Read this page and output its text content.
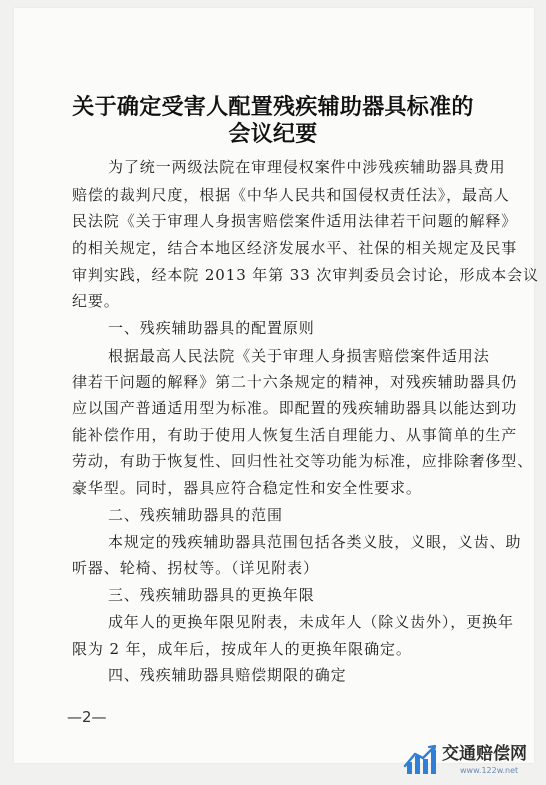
关于确定受害人配置残疾辅助器具标准的
会议纪要
为了统一两级法院在审理侵权案件中涉残疾辅助器具费用
赔偿的裁判尺度，根据《中华人民共和国侵权责任法》，最高人
民法院《关于审理人身损害赔偿案件适用法律若干问题的解释》
的相关规定，结合本地区经济发展水平、社保的相关规定及民事
审判实践，经本院 2013 年第 33 次审判委员会讨论，形成本会议
纪要。
一、残疾辅助器具的配置原则
根据最高人民法院《关于审理人身损害赔偿案件适用法
律若干问题的解释》第二十六条规定的精神，对残疾辅助器具仍
应以国产普通适用型为标准。即配置的残疾辅助器具以能达到功
能补偿作用，有助于使用人恢复生活自理能力、从事简单的生产
劳动，有助于恢复性、回归性社交等功能为标准，应排除奢侈型、
豪华型。同时，器具应符合稳定性和安全性要求。
二、残疾辅助器具的范围
本规定的残疾辅助器具范围包括各类义肢，义眼，义齿、助
听器、轮椅、拐杖等。（详见附表）
三、残疾辅助器具的更换年限
成年人的更换年限见附表，未成年人（除义齿外），更换年
限为 2 年，成年后，按成年人的更换年限确定。
四、残疾辅助器具赔偿期限的确定
—2—
交通赔偿网
www.122w.net
